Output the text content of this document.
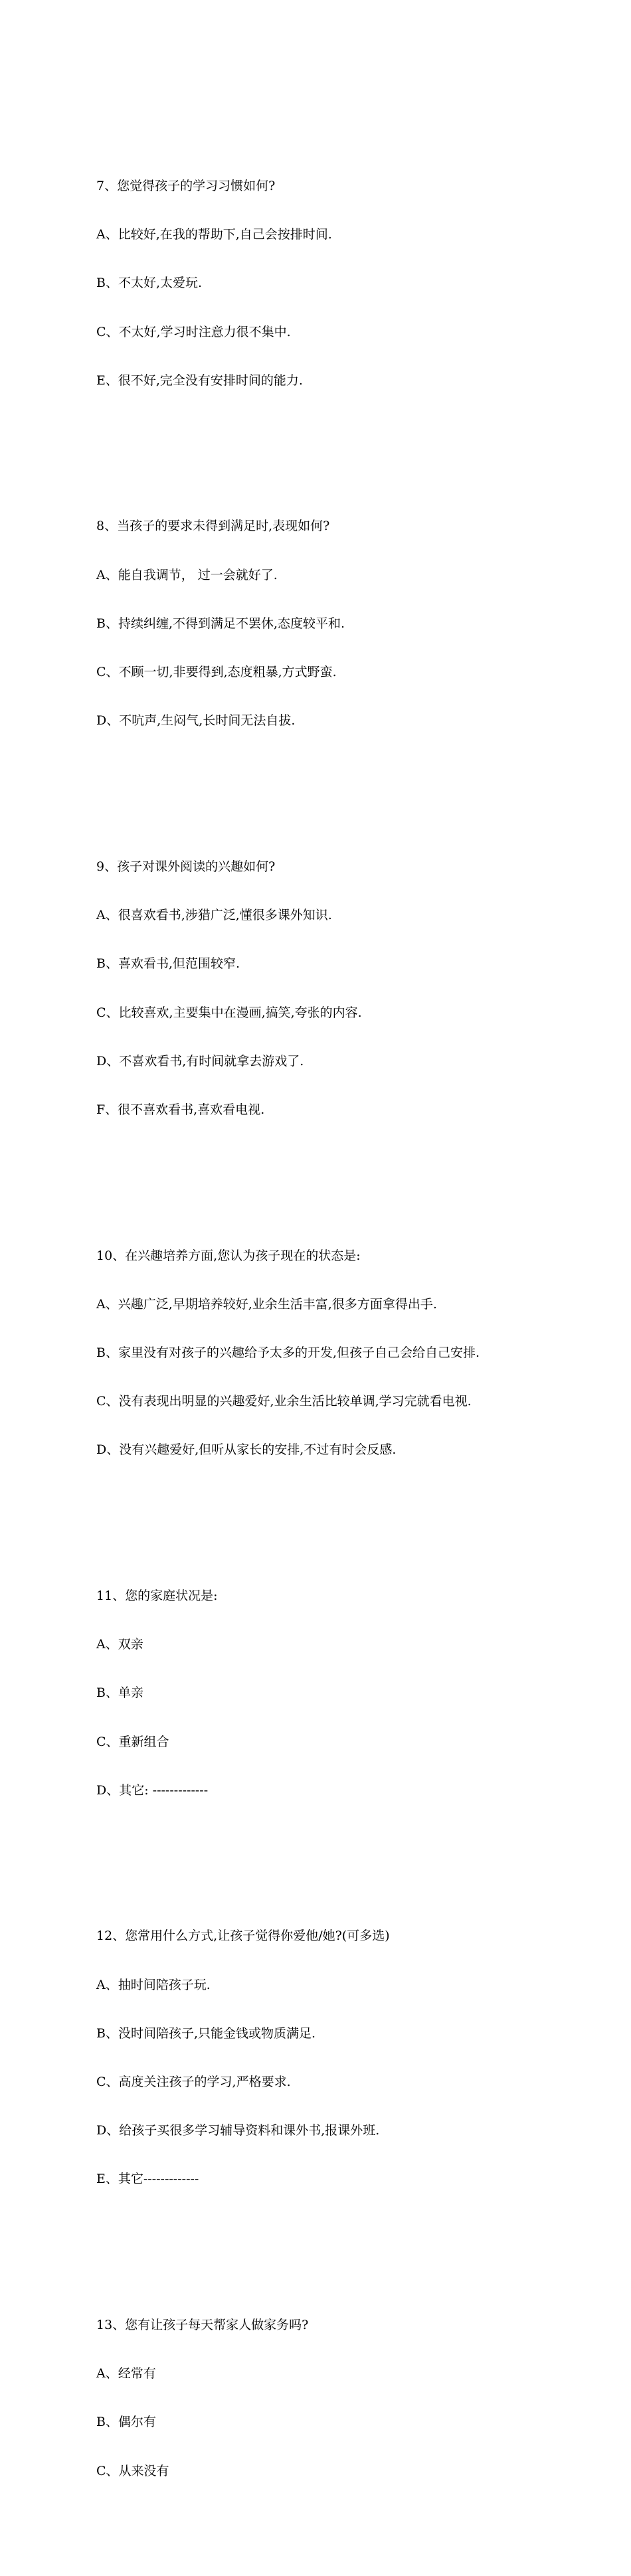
7、您觉得孩子的学习习惯如何?

A、比较好,在我的帮助下,自己会按排时间.

B、不太好,太爱玩.

C、不太好,学习时注意力很不集中.

E、很不好,完全没有安排时间的能力.

8、当孩子的要求未得到满足时,表现如何?

A、能自我调节， 过一会就好了.

B、持续纠缠,不得到满足不罢休,态度较平和.

C、不顾一切,非要得到,态度粗暴,方式野蛮.

D、不吭声,生闷气,长时间无法自拔.

9、孩子对课外阅读的兴趣如何?

A、很喜欢看书,涉猎广泛,懂很多课外知识.

B、喜欢看书,但范围较窄.

C、比较喜欢,主要集中在漫画,搞笑,夸张的内容.

D、不喜欢看书,有时间就拿去游戏了.

F、很不喜欢看书,喜欢看电视.

10、在兴趣培养方面,您认为孩子现在的状态是:

A、兴趣广泛,早期培养较好,业余生活丰富,很多方面拿得出手.

B、家里没有对孩子的兴趣给予太多的开发,但孩子自己会给自己安排.

C、没有表现出明显的兴趣爱好,业余生活比较单调,学习完就看电视.

D、没有兴趣爱好,但听从家长的安排,不过有时会反感.

11、您的家庭状况是:

A、双亲

B、单亲

C、重新组合

D、其它: -------------

12、您常用什么方式,让孩子觉得你爱他/她?(可多选)

A、抽时间陪孩子玩.

B、没时间陪孩子,只能金钱或物质满足.

C、高度关注孩子的学习,严格要求.

D、给孩子买很多学习辅导资料和课外书,报课外班.

E、其它-------------

13、您有让孩子每天帮家人做家务吗?

A、经常有

B、偶尔有

C、从来没有
